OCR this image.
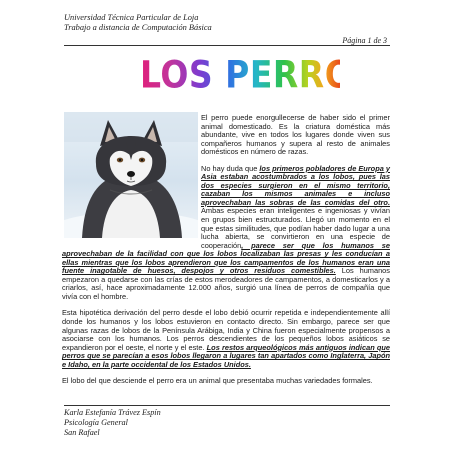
Universidad Técnica Particular de Loja
Trabajo a distancia de Computación Básica
Página 1 de 3
LOS PERROS

El perro puede enorgullecerse de haber sido el primer animal domesticado. Es la criatura doméstica más abundante, vive en todos los lugares donde viven sus compañeros humanos y supera al resto de animales domésticos en número de razas.

No hay duda que los primeros pobladores de Europa y Asia estaban acostumbrados a los lobos, pues las dos especies surgieron en el mismo territorio, cazaban los mismos animales e incluso aprovechaban las sobras de las comidas del otro. Ambas especies eran inteligentes e ingeniosas y vivían en grupos bien estructurados. Llegó un momento en el que estas similitudes, que podían haber dado lugar a una lucha abierta, se convirtieron en una especie de cooperación, parece ser que los humanos se aprovechaban de la facilidad con que los lobos localizaban las presas y les conducían a ellas mientras que los lobos aprendieron que los campamentos de los humanos eran una fuente inagotable de huesos, despojos y otros residuos comestibles. Los humanos empezaron a quedarse con las crías de estos merodeadores de campamentos, a domesticarlos y a criarlos, así, hace aproximadamente 12.000 años, surgió una línea de perros de compañía que vivía con el hombre.

Esta hipotética derivación del perro desde el lobo debió ocurrir repetida e independientemente allí donde los humanos y los lobos estuvieron en contacto directo. Sin embargo, parece ser que algunas razas de lobos de la Península Arábiga, India y China fueron especialmente propensos a asociarse con los humanos. Los perros descendientes de los pequeños lobos asiáticos se expandieron por el oeste, el norte y el este. Los restos arqueológicos más antiguos indican que perros que se parecían a esos lobos llegaron a lugares tan apartados como Inglaterra, Japón e Idaho, en la parte occidental de los Estados Unidos.

El lobo del que desciende el perro era un animal que presentaba muchas variedades formales.

Karla Estefanía Trávez Espín
Psicología General
San Rafael
